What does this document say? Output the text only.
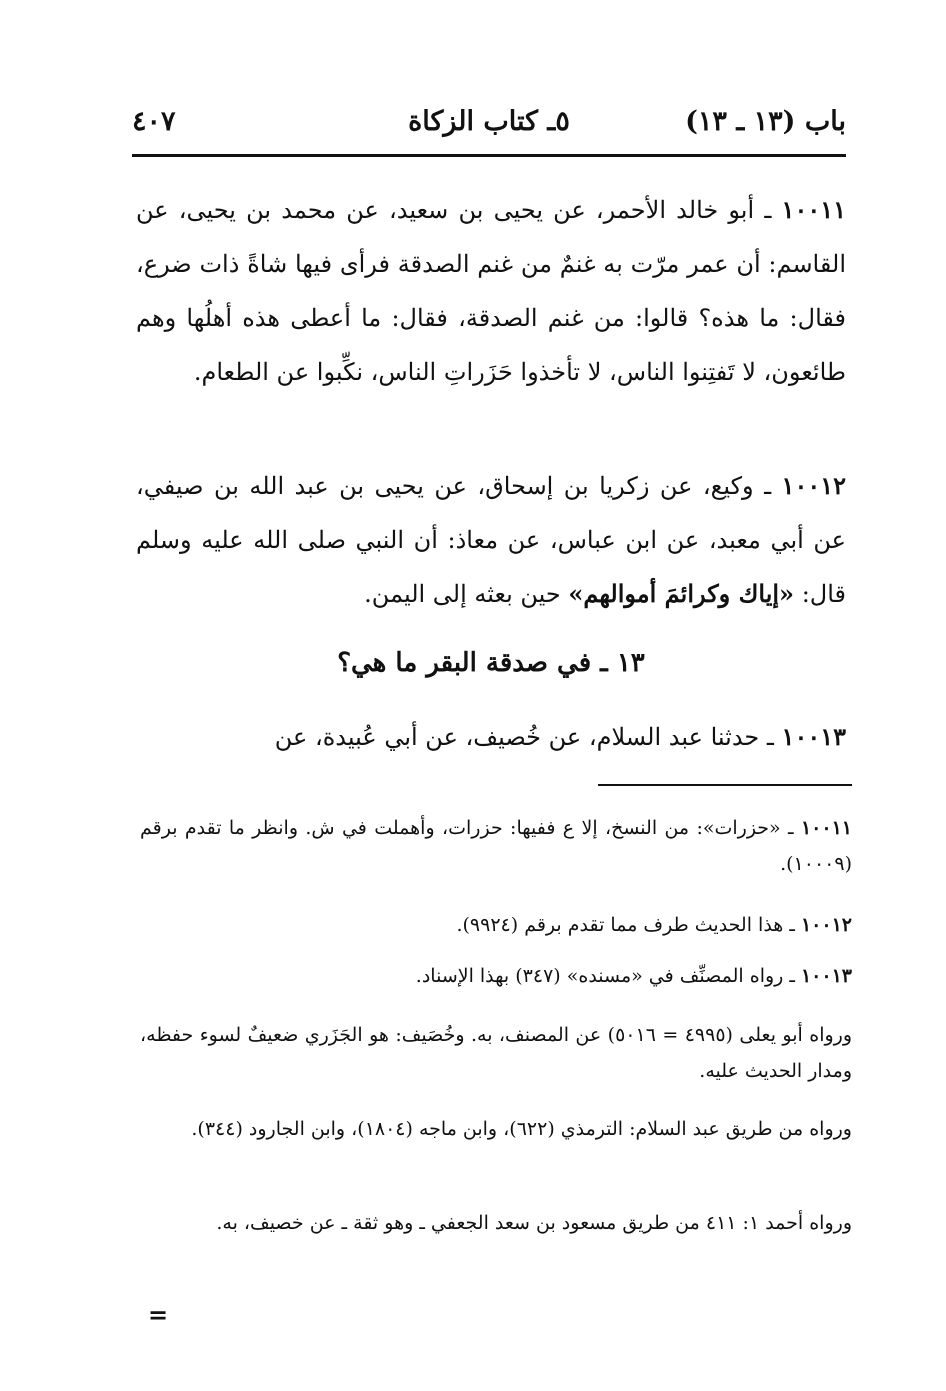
باب (١٣ ـ ١٣)
٥ـ كتاب الزكاة
٤٠٧
١٠٠١١ ـ أبو خالد الأحمر، عن يحيى بن سعيد، عن محمد بن يحيى، عن القاسم: أن عمر مرّت به غنمٌ من غنم الصدقة فرأى فيها شاةً ذات ضرع، فقال: ما هذه؟ قالوا: من غنم الصدقة، فقال: ما أعطى هذه أهلُها وهم طائعون، لا تَفتِنوا الناس، لا تأخذوا حَزَراتِ الناس، نكِّبوا عن الطعام.
١٠٠١٢ ـ وكيع، عن زكريا بن إسحاق، عن يحيى بن عبد الله بن صيفي، عن أبي معبد، عن ابن عباس، عن معاذ: أن النبي صلى الله عليه وسلم قال: «إياك وكرائمَ أموالهم» حين بعثه إلى اليمن.
١٣ ـ في صدقة البقر ما هي؟
١٠٠١٣ ـ حدثنا عبد السلام، عن خُصيف، عن أبي عُبيدة، عن
١٠٠١١ ـ «حزرات»: من النسخ، إلا ع ففيها: حزرات، وأهملت في ش. وانظر ما تقدم برقم (١٠٠٠٩).
١٠٠١٢ ـ هذا الحديث طرف مما تقدم برقم (٩٩٢٤).
١٠٠١٣ ـ رواه المصنِّف في «مسنده» (٣٤٧) بهذا الإسناد.
ورواه أبو يعلى (٤٩٩٥ = ٥٠١٦) عن المصنف، به. وخُصَيف: هو الجَزَري ضعيفٌ لسوء حفظه، ومدار الحديث عليه.
ورواه من طريق عبد السلام: الترمذي (٦٢٢)، وابن ماجه (١٨٠٤)، وابن الجارود (٣٤٤).
ورواه أحمد ١: ٤١١ من طريق مسعود بن سعد الجعفي ـ وهو ثقة ـ عن خصيف، به.
=
